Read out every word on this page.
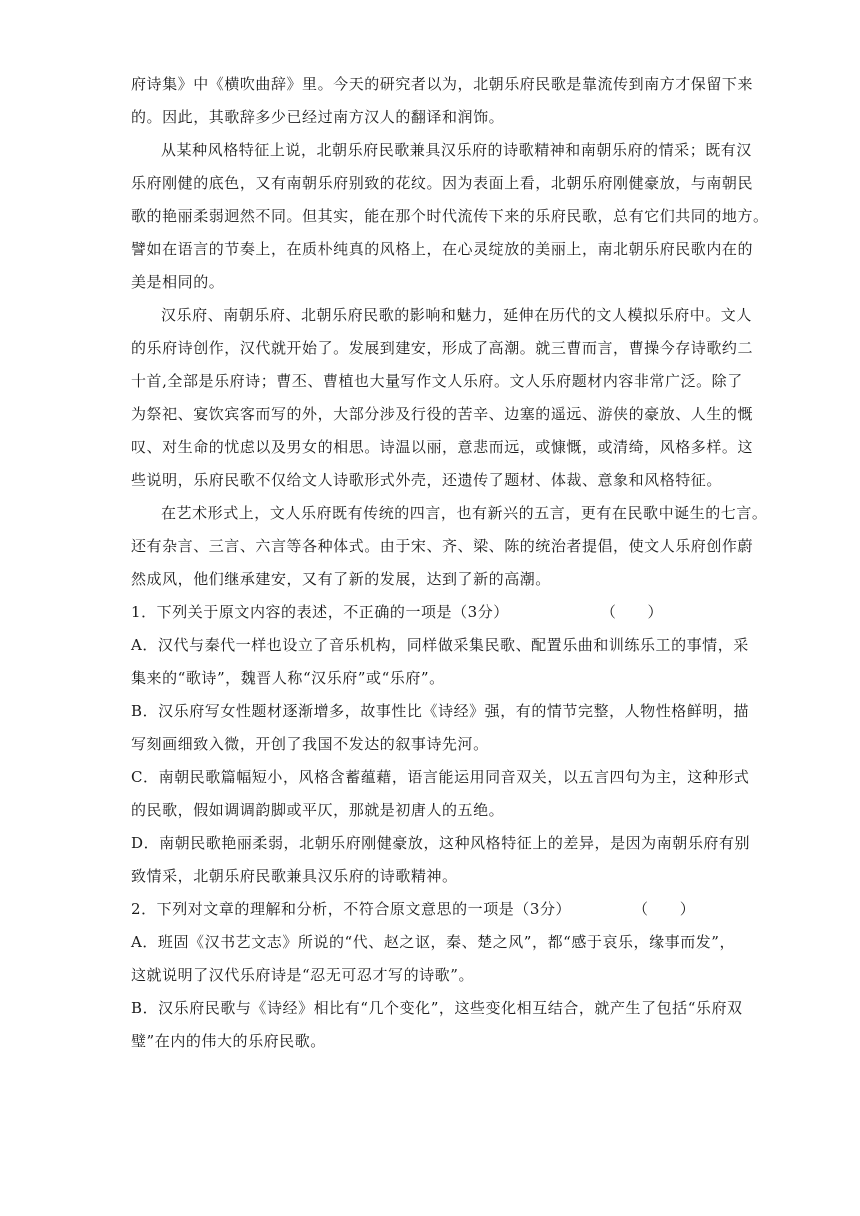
府诗集》中《横吹曲辞》里。今天的研究者以为，北朝乐府民歌是靠流传到南方才保留下来
的。因此，其歌辞多少已经过南方汉人的翻译和润饰。
从某种风格特征上说，北朝乐府民歌兼具汉乐府的诗歌精神和南朝乐府的情采；既有汉
乐府刚健的底色，又有南朝乐府别致的花纹。因为表面上看，北朝乐府刚健豪放，与南朝民
歌的艳丽柔弱迥然不同。但其实，能在那个时代流传下来的乐府民歌，总有它们共同的地方。
譬如在语言的节奏上，在质朴纯真的风格上，在心灵绽放的美丽上，南北朝乐府民歌内在的
美是相同的。
汉乐府、南朝乐府、北朝乐府民歌的影响和魅力，延伸在历代的文人模拟乐府中。文人
的乐府诗创作，汉代就开始了。发展到建安，形成了高潮。就三曹而言，曹操今存诗歌约二
十首,全部是乐府诗；曹丕、曹植也大量写作文人乐府。文人乐府题材内容非常广泛。除了
为祭祀、宴饮宾客而写的外，大部分涉及行役的苦辛、边塞的遥远、游侠的豪放、人生的慨
叹、对生命的忧虑以及男女的相思。诗温以丽，意悲而远，或慷慨，或清绮，风格多样。这
些说明，乐府民歌不仅给文人诗歌形式外壳，还遗传了题材、体裁、意象和风格特征。
在艺术形式上，文人乐府既有传统的四言，也有新兴的五言，更有在民歌中诞生的七言。
还有杂言、三言、六言等各种体式。由于宋、齐、梁、陈的统治者提倡，使文人乐府创作蔚
然成风，他们继承建安，又有了新的发展，达到了新的高潮。
1．下列关于原文内容的表述，不正确的一项是（3分）	（　　）
A．汉代与秦代一样也设立了音乐机构，同样做采集民歌、配置乐曲和训练乐工的事情，采
集来的“歌诗”，魏晋人称“汉乐府”或“乐府”。
B．汉乐府写女性题材逐渐增多，故事性比《诗经》强，有的情节完整，人物性格鲜明，描
写刻画细致入微，开创了我国不发达的叙事诗先河。
C．南朝民歌篇幅短小，风格含蓄蕴藉，语言能运用同音双关，以五言四句为主，这种形式
的民歌，假如调调韵脚或平仄，那就是初唐人的五绝。
D．南朝民歌艳丽柔弱，北朝乐府刚健豪放，这种风格特征上的差异，是因为南朝乐府有别
致情采，北朝乐府民歌兼具汉乐府的诗歌精神。
2．下列对文章的理解和分析，不符合原文意思的一项是（3分）	（　　）
A．班固《汉书艺文志》所说的“代、赵之讴，秦、楚之风”，都“感于哀乐，缘事而发”，
这就说明了汉代乐府诗是“忍无可忍才写的诗歌”。
B．汉乐府民歌与《诗经》相比有“几个变化”，这些变化相互结合，就产生了包括“乐府双
璧”在内的伟大的乐府民歌。
